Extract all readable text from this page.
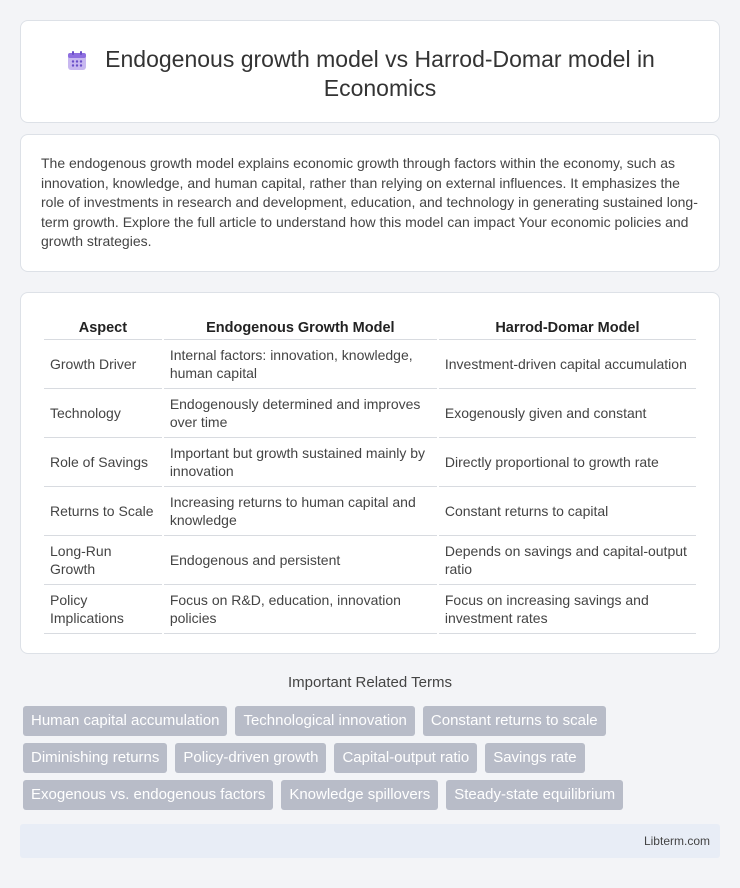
Endogenous growth model vs Harrod-Domar model in Economics

The endogenous growth model explains economic growth through factors within the economy, such as innovation, knowledge, and human capital, rather than relying on external influences. It emphasizes the role of investments in research and development, education, and technology in generating sustained long-term growth. Explore the full article to understand how this model can impact Your economic policies and growth strategies.

Aspect	Endogenous Growth Model	Harrod-Domar Model
Growth Driver	Internal factors: innovation, knowledge, human capital	Investment-driven capital accumulation
Technology	Endogenously determined and improves over time	Exogenously given and constant
Role of Savings	Important but growth sustained mainly by innovation	Directly proportional to growth rate
Returns to Scale	Increasing returns to human capital and knowledge	Constant returns to capital
Long-Run Growth	Endogenous and persistent	Depends on savings and capital-output ratio
Policy Implications	Focus on R&D, education, innovation policies	Focus on increasing savings and investment rates
Important Related Terms
Human capital accumulation	Technological innovation	Constant returns to scale
Diminishing returns	Policy-driven growth	Capital-output ratio	Savings rate
Exogenous vs. endogenous factors	Knowledge spillovers	Steady-state equilibrium
Libterm.com
